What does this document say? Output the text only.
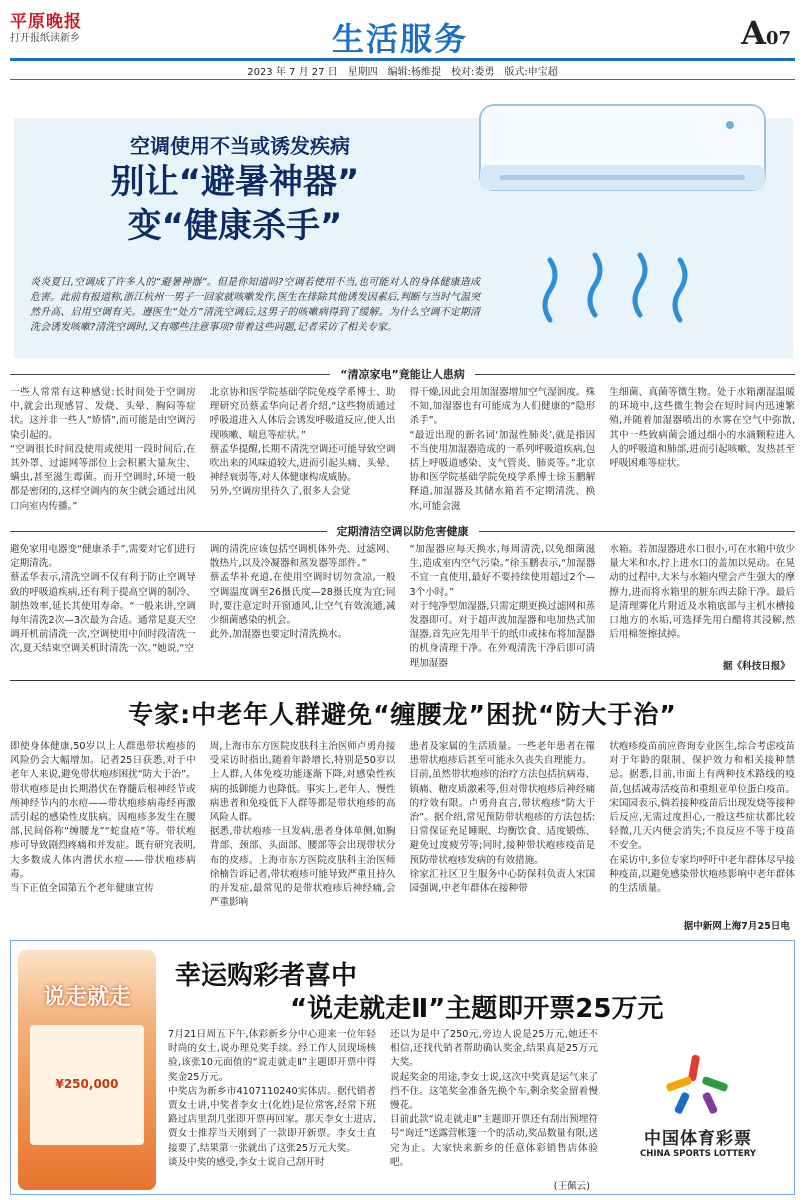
平原晚报
打开报纸读新乡	生活服务	A07
2023 年 7 月 27 日　星期四　编辑:杨维提　校对:娄勇　版式:申宝超
空调使用不当或诱发疾病
别让“避暑神器”
变“健康杀手”
炎炎夏日,空调成了许多人的“避暑神器”。但是你知道吗?空调若使用不当,也可能对人的身体健康造成危害。此前有报道称,浙江杭州一男子一回家就咳嗽发作,医生在排除其他诱发因素后,判断与当时气温突然升高、启用空调有关。遵医生“处方”清洗空调后,这男子的咳嗽病得到了缓解。为什么空调不定期清洗会诱发咳嗽?清洗空调时,又有哪些注意事项?带着这些问题,记者采访了相关专家。
“清凉家电”竟能让人患病
一些人常常有这种感觉:长时间处于空调房中,就会出现感冒、发烧、头晕、胸闷等症状。这并非一些人“矫情”,而可能是由空调污染引起的。
“空调很长时间没使用或使用一段时间后,在其外罩、过滤网等部位上会积累大量灰尘、螨虫,甚至滋生霉菌。而开空调时,环境一般都是密闭的,这样空调内的灰尘就会通过出风口向室内传播。”
北京协和医学院基础学院免疫学系博士、助理研究员蔡孟华向记者介绍,“这些物质通过呼吸道进入人体后会诱发呼吸道反应,使人出现咳嗽、喘息等症状。”
蔡孟华提醒,长期不清洗空调还可能导致空调吹出来的风味道较大,进而引起头痛、头晕、神经衰弱等,对人体健康构成威胁。
另外,空调房里待久了,很多人会觉
得干燥,因此会用加湿器增加空气湿润度。殊不知,加湿器也有可能成为人们健康的“隐形杀手”。
“最近出现的新名词‘加湿性肺炎’,就是指因不当使用加湿器造成的一系列呼吸道疾病,包括上呼吸道感染、支气管炎、肺炎等。”北京协和医学院基础学院免疫学系博士徐玉鹏解释道,加湿器及其储水箱若不定期清洗、换水,可能会滋
生细菌、真菌等微生物。处于水箱潮湿温暖的环境中,这些微生物会在短时间内迅速繁殖,并随着加湿器喷出的水雾在空气中弥散,其中一些致病菌会通过细小的水滴颗粒进入人的呼吸道和肺部,进而引起咳嗽、发热甚至呼吸困难等症状。
定期清洁空调以防危害健康
避免家用电器变“健康杀手”,需要对它们进行定期清洗。
蔡孟华表示,清洗空调不仅有利于防止空调导致的呼吸道疾病,还有利于提高空调的制冷、制热效率,延长其使用寿命。“一般来讲,空调每年清洗2次—3次最为合适。通常是夏天空调开机前清洗一次,空调使用中间时段清洗一次,夏天结束空调关机时清洗一次。”她说,“空
调的清洗应该包括空调机体外壳、过滤网、散热片,以及冷凝器和蒸发器等部件。”
蔡孟华补充道,在使用空调时切勿贪凉,一般空调温度调至26摄氏度—28摄氏度为宜;同时,要注意定时开窗通风,让空气有效流通,减少细菌感染的机会。
此外,加湿器也要定时清洗换水。
“加湿器应每天换水,每周清洗,以免细菌滋生,造成室内空气污染。”徐玉鹏表示,“加湿器不宜一直使用,最好不要持续使用超过2个—3个小时。”
对于纯净型加湿器,只需定期更换过滤网和蒸发器即可。对于超声波加湿器和电加热式加湿器,首先应先用半干的纸巾或抹布将加湿器的机身清理干净。在外观清洗干净后即可清理加湿器
水箱。若加湿器进水口很小,可在水箱中放少量大米和水,拧上进水口的盖加以晃动。在晃动的过程中,大米与水箱内壁会产生强大的摩擦力,进而将水箱里的脏东西去除干净。最后是清理雾化片附近及水箱底部与主机水槽接口地方的水垢,可选择先用白醋将其浸解,然后用棉签擦拭掉。
据《科技日报》
专家:中老年人群避免“缠腰龙”困扰“防大于治”
即使身体健康,50岁以上人群患带状疱疹的风险仍会大幅增加。记者25日获悉,对于中老年人来说,避免带状疱疹困扰“防大于治”。
带状疱疹是由长期潜伏在脊髓后根神经节或颅神经节内的水痘——带状疱疹病毒经再激活引起的感染性皮肤病。因疱疹多发生在腰部,民间俗称“缠腰龙”“蛇盘疮”等。带状疱疹可导致剧烈疼痛和并发症。既有研究表明,大多数成人体内潜伏水痘——带状疱疹病毒。
当下正值全国第五个老年健康宣传
周,上海市东方医院皮肤科主治医师卢勇舟接受采访时指出,随着年龄增长,特别是50岁以上人群,人体免疫功能逐渐下降,对感染性疾病的抵御能力也降低。事实上,老年人、慢性病患者和免疫低下人群等都是带状疱疹的高风险人群。
据悉,带状疱疹一旦发病,患者身体单侧,如胸背部、颈部、头面部、腰部等会出现带状分布的皮疹。上海市东方医院皮肤科主治医师徐楠告诉记者,带状疱疹可能导致严重且持久的并发症,最常见的是带状疱疹后神经痛,会严重影响
患者及家属的生活质量。一些老年患者在罹患带状疱疹后甚至可能永久丧失自理能力。
目前,虽然带状疱疹的治疗方法包括抗病毒、镇痛、糖皮质激素等,但对带状疱疹后神经痛的疗效有限。卢勇舟直言,带状疱疹“防大于治”。据介绍,常见预防带状疱疹的方法包括:日常保证充足睡眠、均衡饮食、适度锻炼、避免过度疲劳等;同时,接种带状疱疹疫苗是预防带状疱疹发病的有效措施。
徐家汇社区卫生服务中心防保科负责人宋国园强调,中老年群体在接种带
状疱疹疫苗前应咨询专业医生,综合考虑疫苗对于年龄的限制、保护效力和相关接种禁忌。据悉,目前,市面上有两种技术路线的疫苗,包括减毒活疫苗和重组亚单位蛋白疫苗。宋国园表示,倘若接种疫苗后出现发烧等接种后反应,无需过度担心,一般这些症状都比较轻微,几天内便会消失;不良反应不等于疫苗不安全。
在采访中,多位专家均呼吁中老年群体尽早接种疫苗,以避免感染带状疱疹影响中老年群体的生活质量。
据中新网上海7月25日电
说走就走
¥250,000
幸运购彩者喜中
“说走就走Ⅱ”主题即开票25万元
7月21日周五下午,体彩新乡分中心迎来一位年轻时尚的女士,说办理兑奖手续。经工作人员现场核验,该张10元面值的“说走就走Ⅱ”主题即开票中得奖金25万元。
中奖店为新乡市4107110240实体店。据代销者贾女士讲,中奖者李女士(化姓)是位常客,经常下班路过店里刮几张即开票再回家。那天李女士进店,贾女士推荐当天刚到了一款即开新票。李女士直接要了,结果第一张就出了这张25万元大奖。
谈及中奖的感受,李女士说自己刮开时
还以为是中了250元,旁边人说是25万元,她还不相信,还找代销者帮助确认奖金,结果真是25万元大奖。
说起奖金的用途,李女士说,这次中奖真是运气来了挡不住。这笔奖金准备先换个车,剩余奖金留着慢慢花。
目前此款“说走就走Ⅱ”主题即开票还有刮出预埋符号“询迁”送露营帐篷一个的活动,奖品数量有限,送完为止。大家快来新乡的任意体彩销售店体验吧。
(王佩云)
中国体育彩票
CHINA SPORTS LOTTERY
